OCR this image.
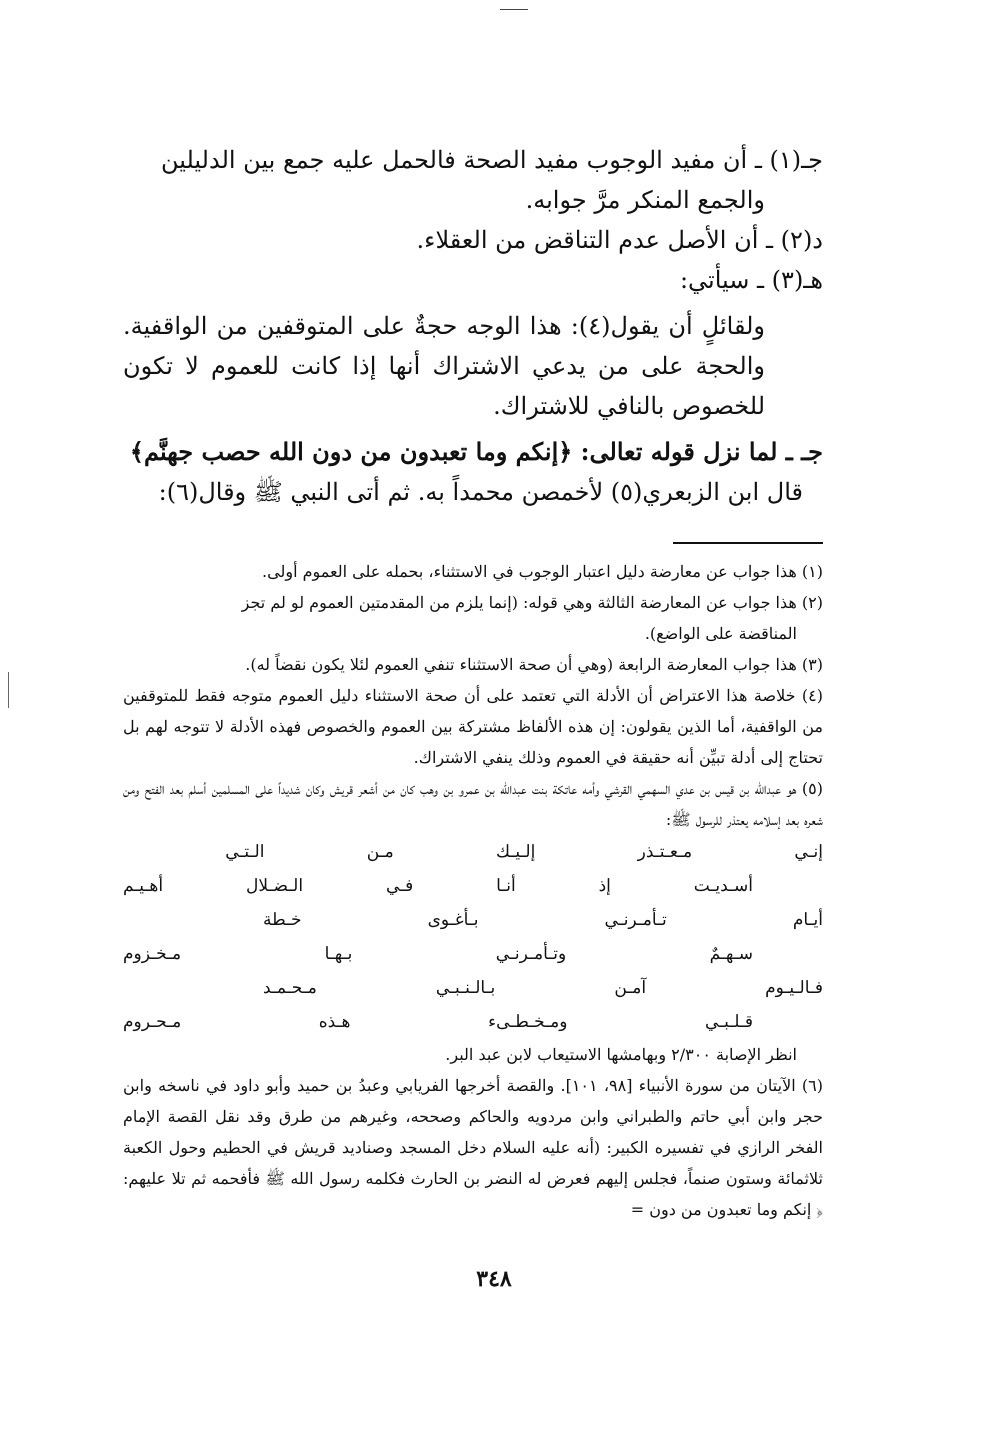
جـ(١) ـ أن مفيد الوجوب مفيد الصحة فالحمل عليه جمع بين الدليلين

والجمع المنكر مرَّ جوابه.

د(٢) ـ أن الأصل عدم التناقض من العقلاء.

هـ(٣) ـ سيأتي:

ولقائلٍ أن يقول(٤): هذا الوجه حجةٌ على المتوقفين من الواقفية. والحجة على من يدعي الاشتراك أنها إذا كانت للعموم لا تكون للخصوص بالنافي للاشتراك.

جـ ـ لما نزل قوله تعالى: ﴿إنكم وما تعبدون من دون الله حصب جهنَّم﴾

قال ابن الزبعري(٥) لأخمصن محمداً به. ثم أتى النبي ﷺ وقال(٦):

(١) هذا جواب عن معارضة دليل اعتبار الوجوب في الاستثناء، بحمله على العموم أولى.

(٢) هذا جواب عن المعارضة الثالثة وهي قوله: (إنما يلزم من المقدمتين العموم لو لم تجز

المناقضة على الواضع).

(٣) هذا جواب المعارضة الرابعة (وهي أن صحة الاستثناء تنفي العموم لئلا يكون نقضاً له).

(٤) خلاصة هذا الاعتراض أن الأدلة التي تعتمد على أن صحة الاستثناء دليل العموم متوجه فقط للمتوقفين من الواقفية، أما الذين يقولون: إن هذه الألفاظ مشتركة بين العموم والخصوص فهذه الأدلة لا تتوجه لهم بل تحتاج إلى أدلة تبيِّن أنه حقيقة في العموم وذلك ينفي الاشتراك.

(٥) هو عبدالله بن قيس بن عدي السهمي القرشي وأمه عاتكة بنت عبدالله بن عمرو بن وهب كان من أشعر قريش وكان شديداً على المسلمين أسلم بعد الفتح ومن شعره بعد إسلامه يعتذر للرسول ﷺ:

إنـي
مـعـتـذر
إلـيـك
مـن
الـتـي
أسـديـت
إذ
أنـا
فـي
الـضـلال
أهـيـم
أيـام
تـأمـرنـي
بـأغـوى
خـطة
سـهـمٌ
وتـأمـرنـي
بـهـا
مـخـزوم
فـالـيـوم
آمـن
بـالـنـبـي
مـحـمـد
قـلـبـي
ومـخـطـىء
هـذه
مـحـروم

انظر الإصابة ٢/٣٠٠ وبهامشها الاستيعاب لابن عبد البر.

(٦) الآيتان من سورة الأنبياء [٩٨، ١٠١]. والقصة أخرجها الفريابي وعبدُ بن حميد وأبو داود في ناسخه وابن حجر وابن أبي حاتم والطبراني وابن مردويه والحاكم وصححه، وغيرهم من طرق وقد نقل القصة الإمام الفخر الرازي في تفسيره الكبير: (أنه عليه السلام دخل المسجد وصناديد قريش في الحطيم وحول الكعبة ثلاثمائة وستون صنماً، فجلس إليهم فعرض له النضر بن الحارث فكلمه رسول الله ﷺ فأفحمه ثم تلا عليهم: ﴿ إنكم وما تعبدون من دون =

٣٤٨
